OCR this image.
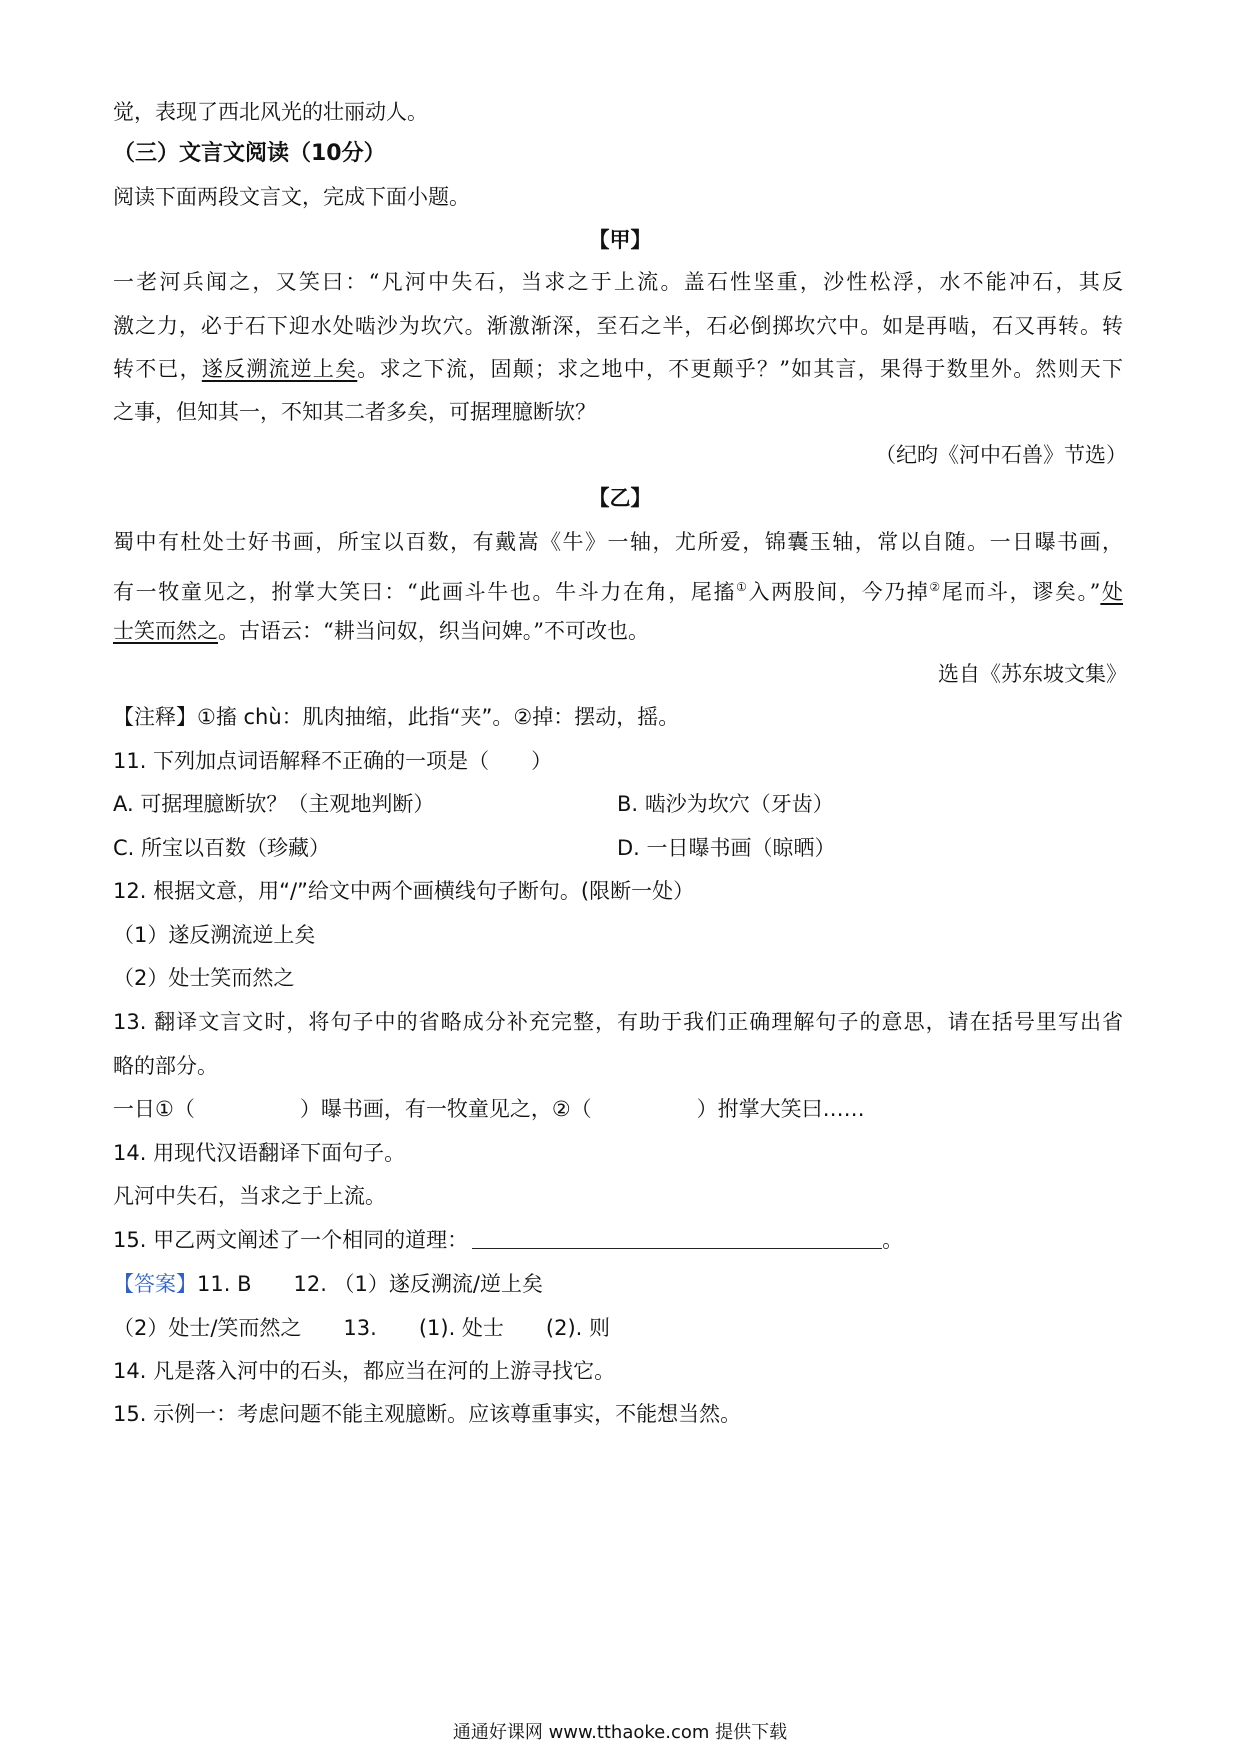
觉，表现了西北风光的壮丽动人。
（三）文言文阅读（10分）
阅读下面两段文言文，完成下面小题。
【甲】
一老河兵闻之，又笑曰：“凡河中失石，当求之于上流。盖石性坚重，沙性松浮，水不能冲石，其反
激之力，必于石下迎水处啮沙为坎穴。渐激渐深，至石之半，石必倒掷坎穴中。如是再啮，石又再转。转
转不已，遂反溯流逆上矣。求之下流，固颠；求之地中，不更颠乎？”如其言，果得于数里外。然则天下
之事，但知其一，不知其二者多矣，可据理臆断欤？
（纪昀《河中石兽》节选）
【乙】
蜀中有杜处士好书画，所宝以百数，有戴嵩《牛》一轴，尤所爱，锦囊玉轴，常以自随。一日曝书画，
有一牧童见之，拊掌大笑曰：“此画斗牛也。牛斗力在角，尾搐①入两股间，今乃掉②尾而斗，谬矣。”处
士笑而然之。古语云：“耕当问奴，织当问婢。”不可改也。
选自《苏东坡文集》
【注释】①搐 chù：肌肉抽缩，此指“夹”。②掉：摆动，摇。
11. 下列加点词语解释不正确的一项是（　　）
A. 可据理臆断欤？（主观地判断）	B. 啮沙为坎穴（牙齿）
C. 所宝以百数（珍藏）	D. 一日曝书画（晾晒）
12. 根据文意，用“/”给文中两个画横线句子断句。(限断一处）
（1）遂反溯流逆上矣
（2）处士笑而然之
13. 翻译文言文时，将句子中的省略成分补充完整，有助于我们正确理解句子的意思，请在括号里写出省
略的部分。
一日①（　　　　　）曝书画，有一牧童见之，②（　　　　　）拊掌大笑曰……
14. 用现代汉语翻译下面句子。
凡河中失石，当求之于上流。
15. 甲乙两文阐述了一个相同的道理：	。
【答案】11. B　　12. （1）遂反溯流/逆上矣
（2）处士/笑而然之　　13.　　(1). 处士　　(2). 则
14. 凡是落入河中的石头，都应当在河的上游寻找它。
15. 示例一：考虑问题不能主观臆断。应该尊重事实，不能想当然。
通通好课网 www.tthaoke.com 提供下载
